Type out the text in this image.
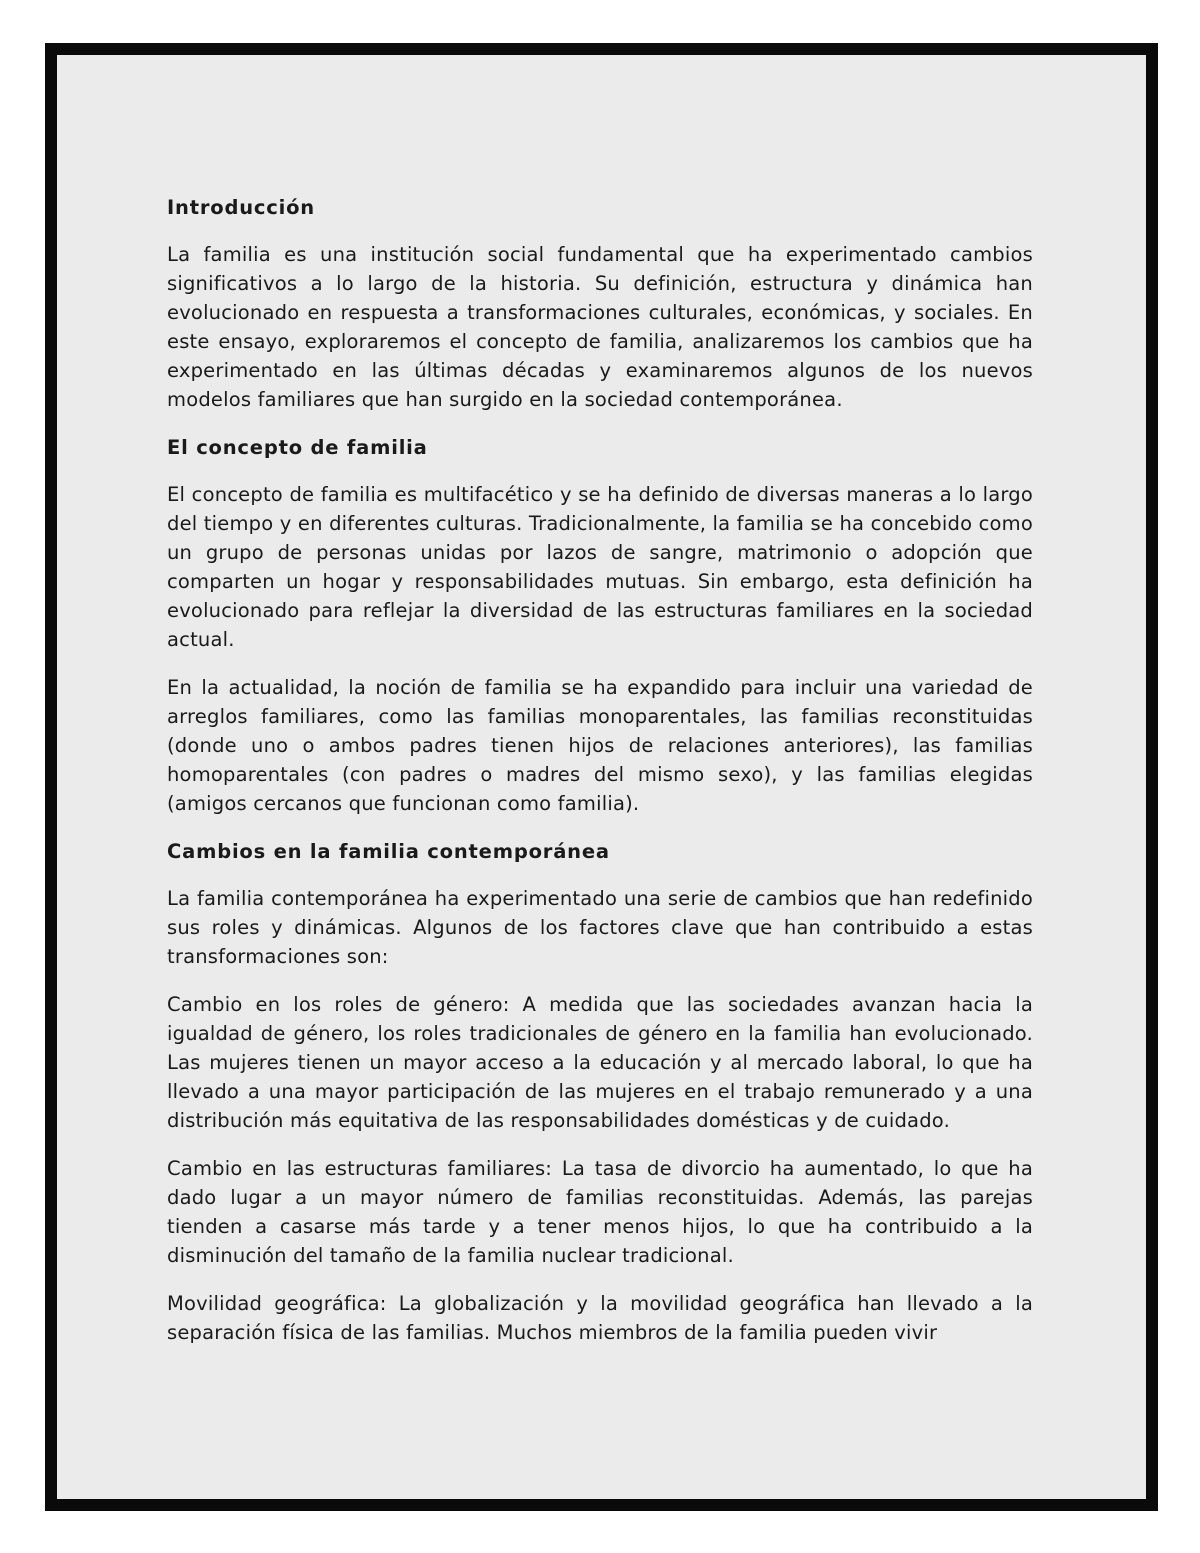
Introducción

La familia es una institución social fundamental que ha experimentado cambios significativos a lo largo de la historia. Su definición, estructura y dinámica han evolucionado en respuesta a transformaciones culturales, económicas, y sociales. En este ensayo, exploraremos el concepto de familia, analizaremos los cambios que ha experimentado en las últimas décadas y examinaremos algunos de los nuevos modelos familiares que han surgido en la sociedad contemporánea.

El concepto de familia

El concepto de familia es multifacético y se ha definido de diversas maneras a lo largo del tiempo y en diferentes culturas. Tradicionalmente, la familia se ha concebido como un grupo de personas unidas por lazos de sangre, matrimonio o adopción que comparten un hogar y responsabilidades mutuas. Sin embargo, esta definición ha evolucionado para reflejar la diversidad de las estructuras familiares en la sociedad actual.

En la actualidad, la noción de familia se ha expandido para incluir una variedad de arreglos familiares, como las familias monoparentales, las familias reconstituidas (donde uno o ambos padres tienen hijos de relaciones anteriores), las familias homoparentales (con padres o madres del mismo sexo), y las familias elegidas (amigos cercanos que funcionan como familia).

Cambios en la familia contemporánea

La familia contemporánea ha experimentado una serie de cambios que han redefinido sus roles y dinámicas. Algunos de los factores clave que han contribuido a estas transformaciones son:

Cambio en los roles de género: A medida que las sociedades avanzan hacia la igualdad de género, los roles tradicionales de género en la familia han evolucionado. Las mujeres tienen un mayor acceso a la educación y al mercado laboral, lo que ha llevado a una mayor participación de las mujeres en el trabajo remunerado y a una distribución más equitativa de las responsabilidades domésticas y de cuidado.

Cambio en las estructuras familiares: La tasa de divorcio ha aumentado, lo que ha dado lugar a un mayor número de familias reconstituidas. Además, las parejas tienden a casarse más tarde y a tener menos hijos, lo que ha contribuido a la disminución del tamaño de la familia nuclear tradicional.

Movilidad geográfica: La globalización y la movilidad geográfica han llevado a la separación física de las familias. Muchos miembros de la familia pueden vivir
